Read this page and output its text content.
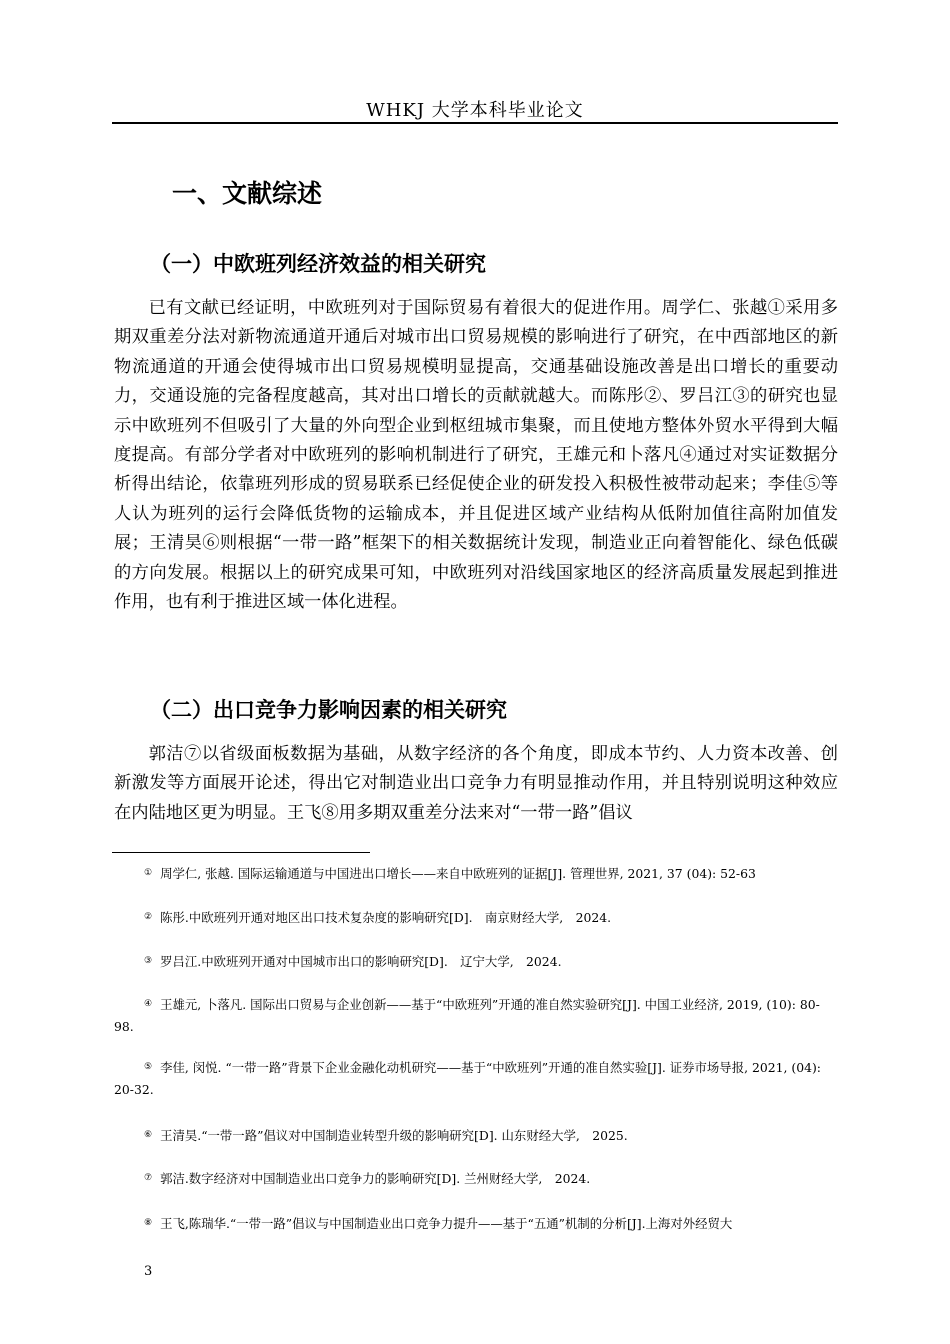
WHKJ 大学本科毕业论文
一、文献综述
（一）中欧班列经济效益的相关研究
已有文献已经证明，中欧班列对于国际贸易有着很大的促进作用。周学仁、张越①采用多期双重差分法对新物流通道开通后对城市出口贸易规模的影响进行了研究，在中西部地区的新物流通道的开通会使得城市出口贸易规模明显提高，交通基础设施改善是出口增长的重要动力，交通设施的完备程度越高，其对出口增长的贡献就越大。而陈彤②、罗吕江③的研究也显示中欧班列不但吸引了大量的外向型企业到枢纽城市集聚，而且使地方整体外贸水平得到大幅度提高。有部分学者对中欧班列的影响机制进行了研究，王雄元和卜落凡④通过对实证数据分析得出结论，依靠班列形成的贸易联系已经促使企业的研发投入积极性被带动起来；李佳⑤等人认为班列的运行会降低货物的运输成本，并且促进区域产业结构从低附加值往高附加值发展；王清昊⑥则根据“一带一路”框架下的相关数据统计发现，制造业正向着智能化、绿色低碳的方向发展。根据以上的研究成果可知，中欧班列对沿线国家地区的经济高质量发展起到推进作用，也有利于推进区域一体化进程。
（二）出口竞争力影响因素的相关研究
郭洁⑦以省级面板数据为基础，从数字经济的各个角度，即成本节约、人力资本改善、创新激发等方面展开论述，得出它对制造业出口竞争力有明显推动作用，并且特别说明这种效应在内陆地区更为明显。王飞⑧用多期双重差分法来对“一带一路”倡议
① 周学仁, 张越. 国际运输通道与中国进出口增长——来自中欧班列的证据[J]. 管理世界, 2021, 37 (04): 52-63
② 陈彤.中欧班列开通对地区出口技术复杂度的影响研究[D].　南京财经大学,　2024.
③ 罗吕江.中欧班列开通对中国城市出口的影响研究[D].　辽宁大学,　2024.
④ 王雄元, 卜落凡. 国际出口贸易与企业创新——基于“中欧班列”开通的准自然实验研究[J]. 中国工业经济, 2019, (10): 80-98.
⑤ 李佳, 闵悦. “一带一路”背景下企业金融化动机研究——基于“中欧班列”开通的准自然实验[J]. 证券市场导报, 2021, (04): 20-32.
⑥ 王清昊.“一带一路”倡议对中国制造业转型升级的影响研究[D]. 山东财经大学,　2025.
⑦ 郭洁.数字经济对中国制造业出口竞争力的影响研究[D]. 兰州财经大学,　2024.
⑧ 王飞,陈瑞华.“一带一路”倡议与中国制造业出口竞争力提升——基于“五通”机制的分析[J].上海对外经贸大
3
